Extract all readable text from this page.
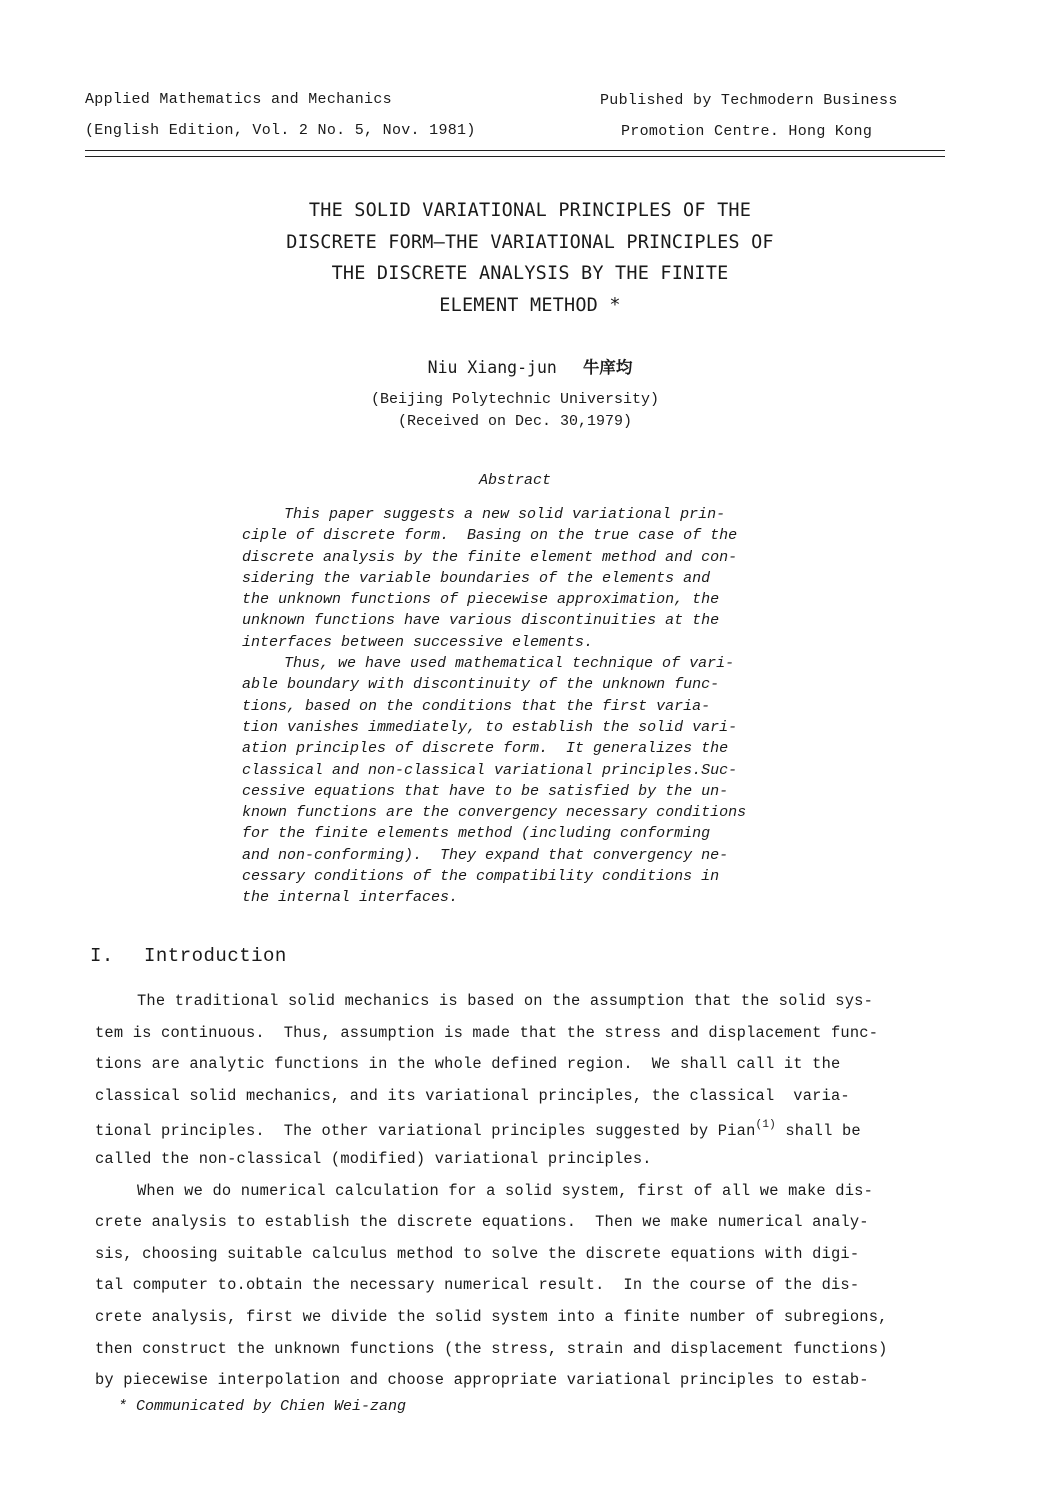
Applied Mathematics and Mechanics
(English Edition, Vol. 2 No. 5, Nov. 1981)
Published by Techmodern Business
Promotion Centre. Hong Kong
THE SOLID VARIATIONAL PRINCIPLES OF THE
DISCRETE FORM—THE VARIATIONAL PRINCIPLES OF
THE DISCRETE ANALYSIS BY THE FINITE
ELEMENT METHOD *
Niu Xiang-jun 牛庠均
(Beijing Polytechnic University)
(Received on Dec. 30,1979)
Abstract
This paper suggests a new solid variational prin-
ciple of discrete form.  Basing on the true case of the
discrete analysis by the finite element method and con-
sidering the variable boundaries of the elements and
the unknown functions of piecewise approximation, the
unknown functions have various discontinuities at the
interfaces between successive elements.
Thus, we have used mathematical technique of vari-
able boundary with discontinuity of the unknown func-
tions, based on the conditions that the first varia-
tion vanishes immediately, to establish the solid vari-
ation principles of discrete form.  It generalizes the
classical and non-classical variational principles.Suc-
cessive equations that have to be satisfied by the un-
known functions are the convergency necessary conditions
for the finite elements method (including conforming
and non-conforming).  They expand that convergency ne-
cessary conditions of the compatibility conditions in
the internal interfaces.
I. Introduction
The traditional solid mechanics is based on the assumption that the solid sys-
tem is continuous.  Thus, assumption is made that the stress and displacement func-
tions are analytic functions in the whole defined region.  We shall call it the
classical solid mechanics, and its variational principles, the classical  varia-
tional principles.  The other variational principles suggested by Pian$^{(1)}$ shall be
called the non-classical (modified) variational principles.
When we do numerical calculation for a solid system, first of all we make dis-
crete analysis to establish the discrete equations.  Then we make numerical analy-
sis, choosing suitable calculus method to solve the discrete equations with digi-
tal computer to.obtain the necessary numerical result.  In the course of the dis-
crete analysis, first we divide the solid system into a finite number of subregions,
then construct the unknown functions (the stress, strain and displacement functions)
by piecewise interpolation and choose appropriate variational principles to estab-
* Communicated by Chien Wei-zang
